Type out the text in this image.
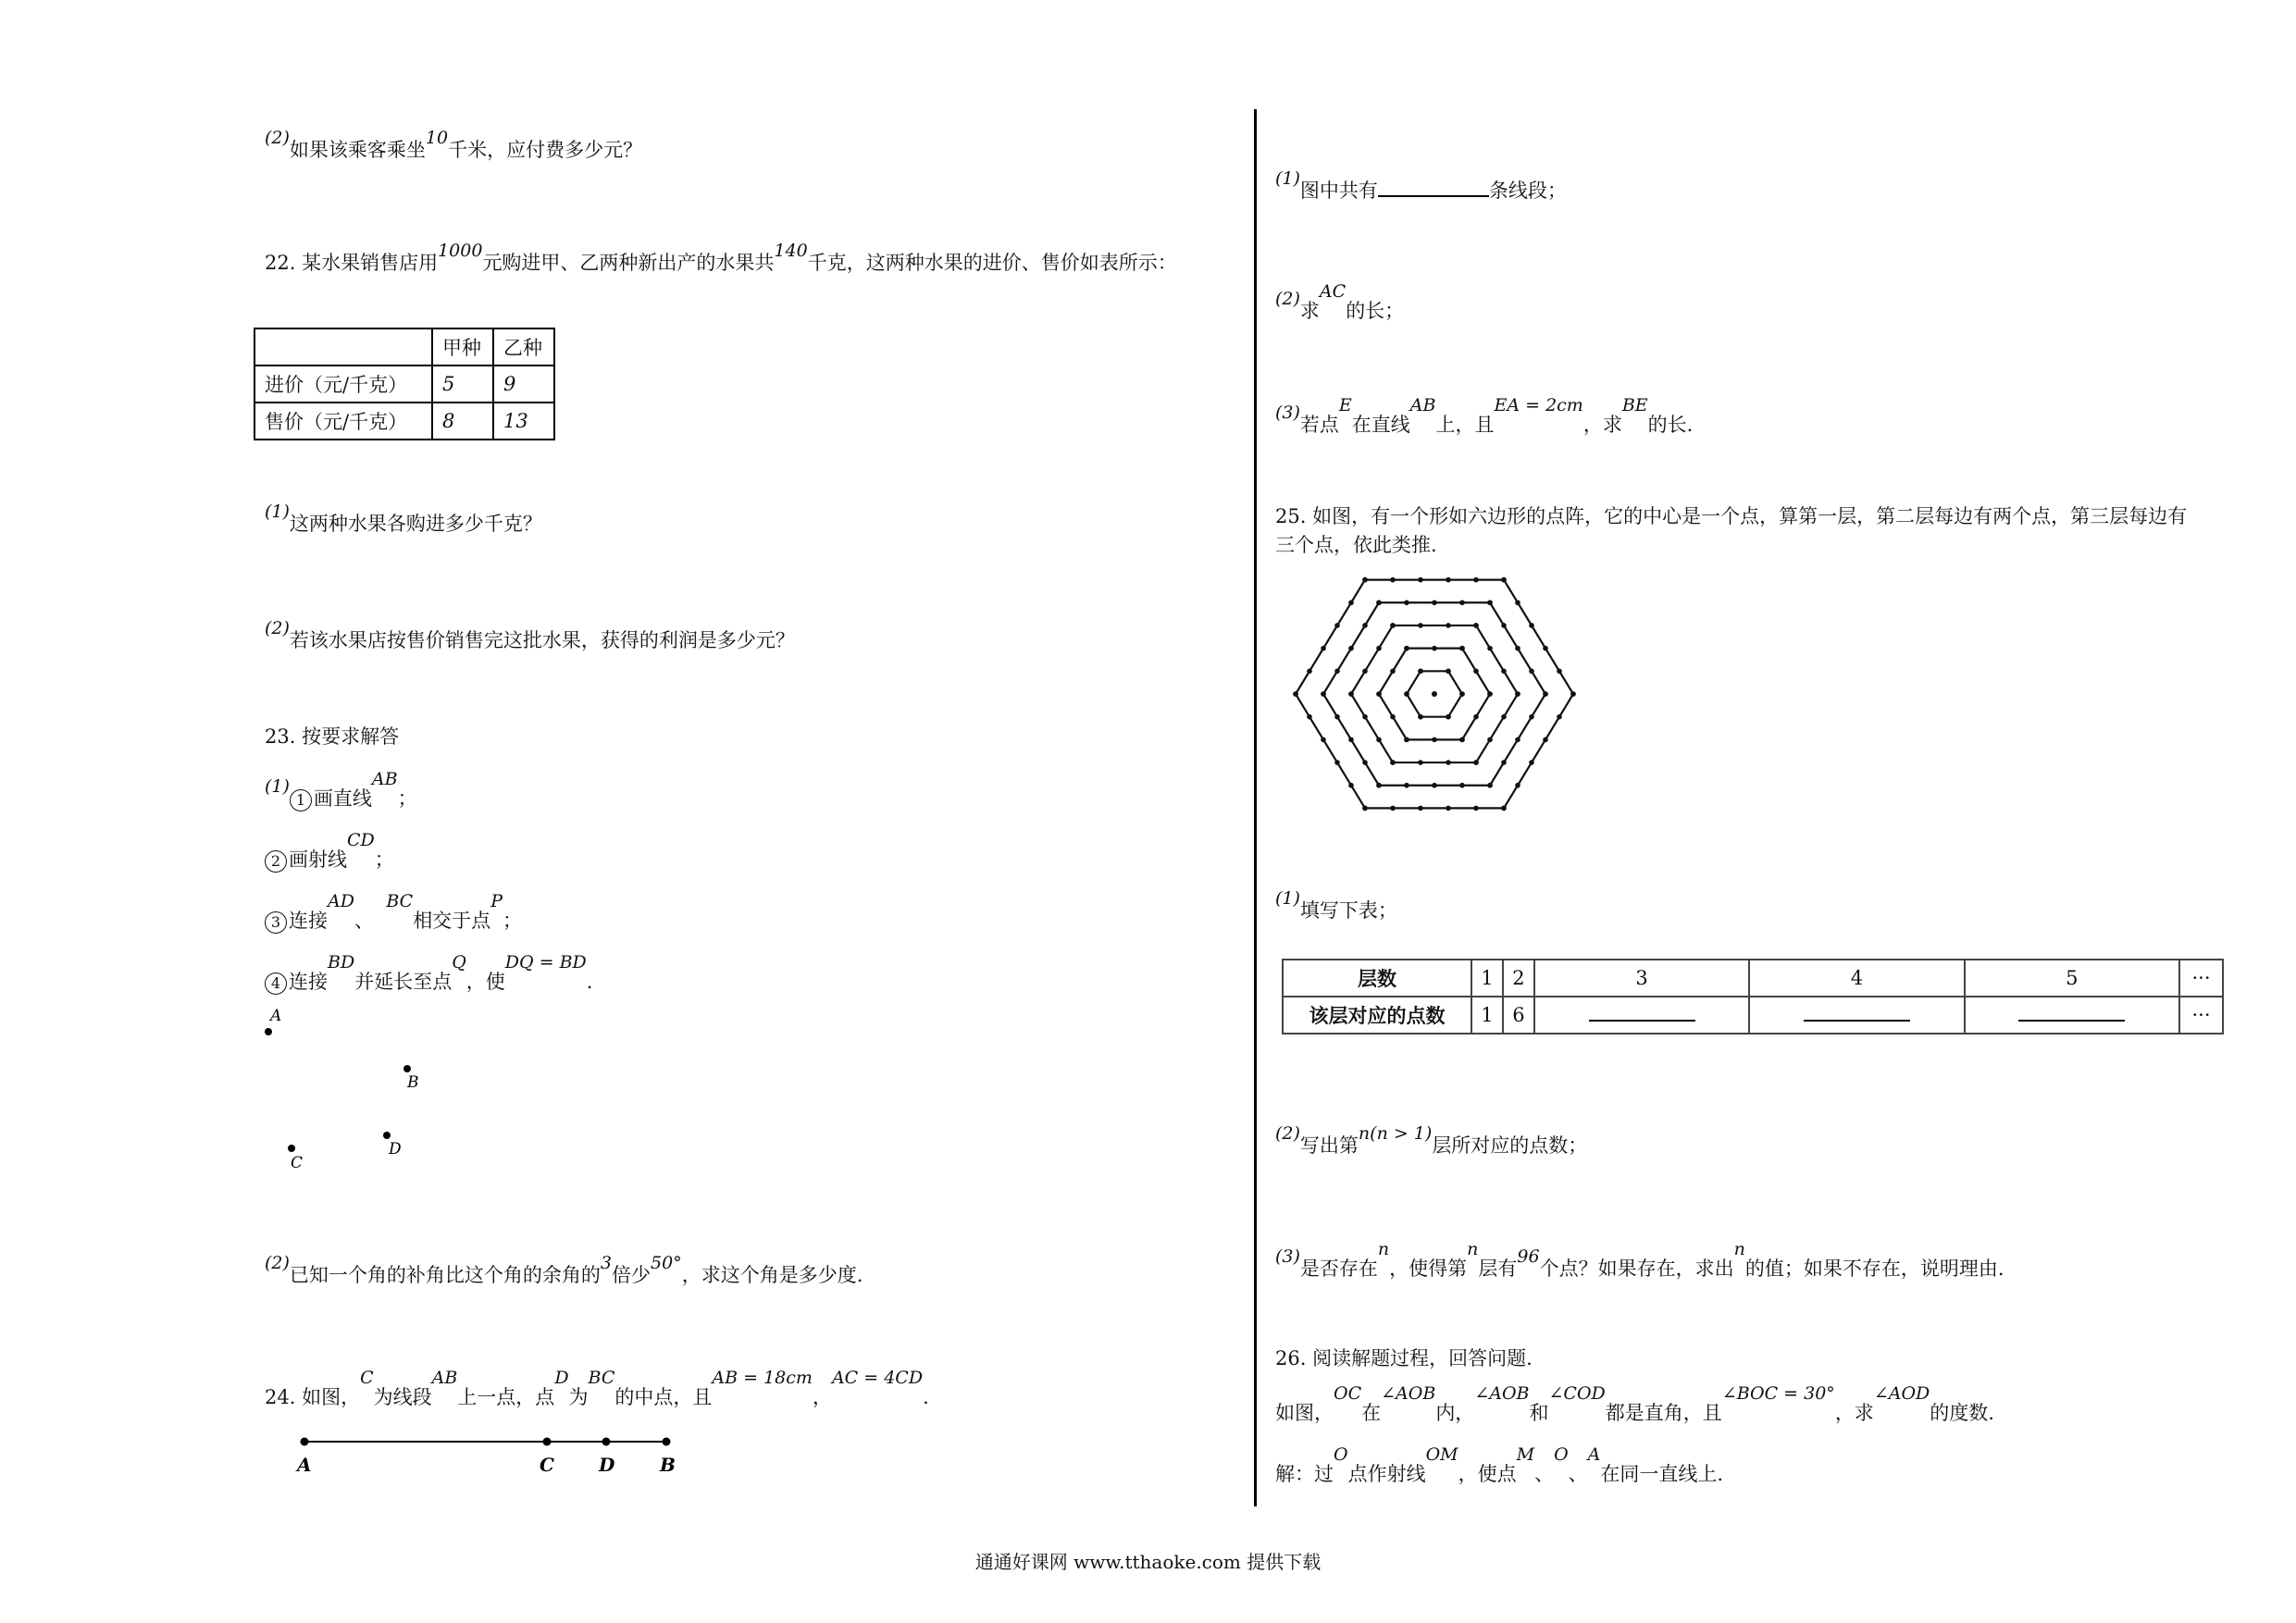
(2)如果该乘客乘坐10千米，应付费多少元？
22. 某水果销售店用1000元购进甲、乙两种新出产的水果共140千克，这两种水果的进价、售价如表所示：
	甲种	乙种
进价（元/千克）	5	9
售价（元/千克）	8	13
(1)这两种水果各购进多少千克？
(2)若该水果店按售价销售完这批水果，获得的利润是多少元？
23. 按要求解答
(1)1 画直线AB；
2 画射线CD；
3 连接AD、  BC相交于点P；
4 连接BD并延长至点Q，使DQ = BD.
A
B
C
D
(2)已知一个角的补角比这个角的余角的3倍少50°，求这个角是多少度.
24. 如图，C为线段AB上一点，点D为BC的中点，且AB = 18cm，AC = 4CD.
A	C D B
(1)图中共有	条线段；
(2)求AC的长；
(3)若点E在直线AB上，且EA = 2cm，求BE的长.
25. 如图，有一个形如六边形的点阵，它的中心是一个点，算第一层，第二层每边有两个点，第三层每边有
三个点，依此类推.
(1)填写下表；
层数	1	2	3	4	5	···
该层对应的点数	1	6				···
(2)写出第n(n > 1)层所对应的点数；
(3)是否存在n，使得第n层有96个点？如果存在，求出n的值；如果不存在，说明理由.
26. 阅读解题过程，回答问题.
如图，OC在∠AOB内，∠AOB和∠COD都是直角，且∠BOC = 30°，求∠AOD的度数.
解：过O点作射线OM，使点M、O、A在同一直线上.
通通好课网 www.tthaoke.com 提供下载
